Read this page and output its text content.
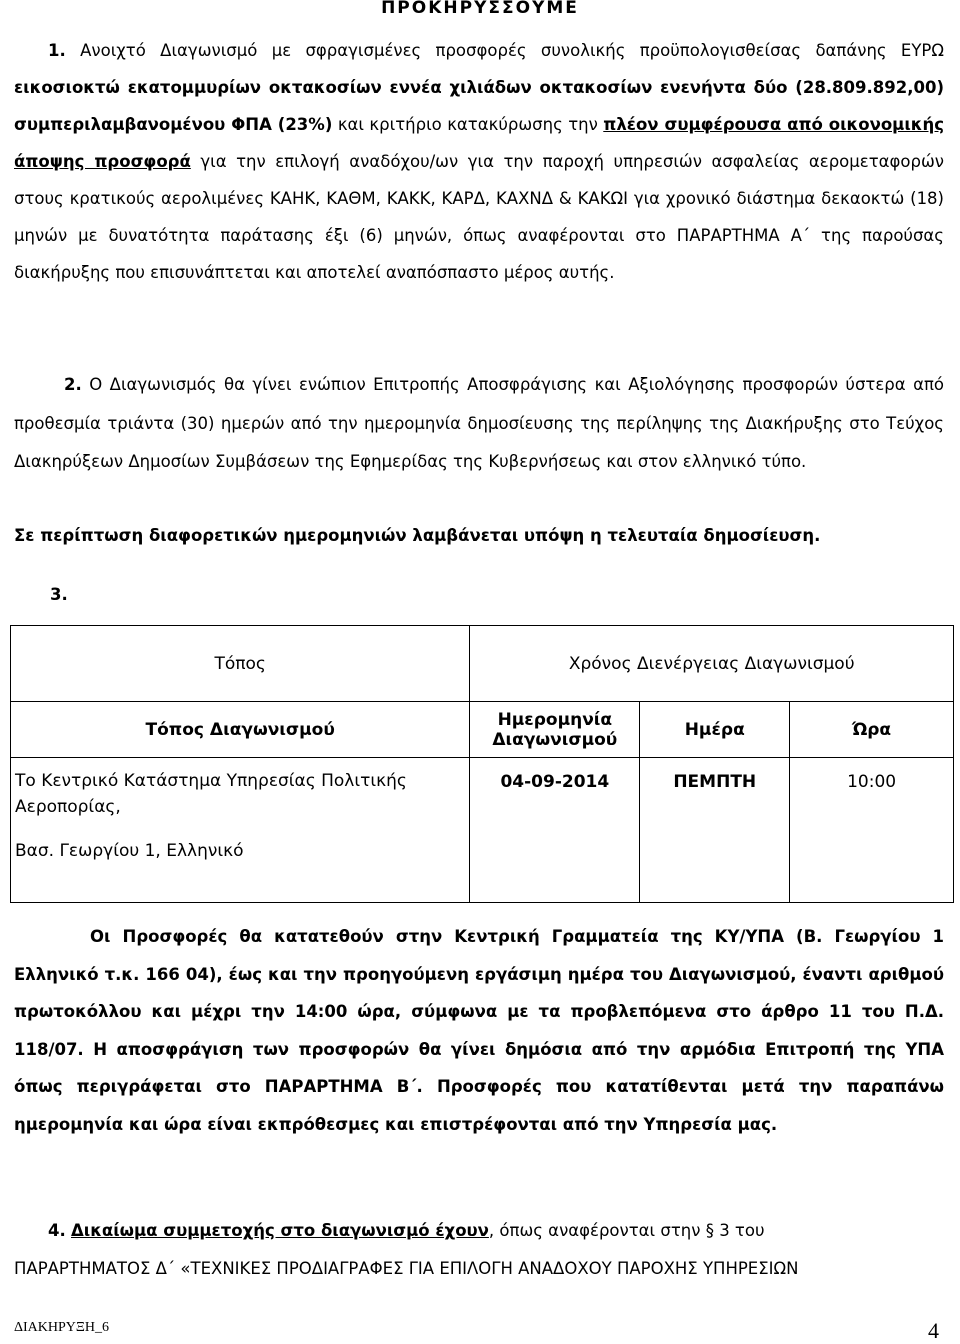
ΠΡΟΚΗΡΥΣΣΟΥΜΕ
1. Ανοιχτό Διαγωνισμό με σφραγισμένες προσφορές συνολικής προϋπολογισθείσας δαπάνης ΕΥΡΩ εικοσιοκτώ εκατομμυρίων οκτακοσίων εννέα χιλιάδων οκτακοσίων ενενήντα δύο (28.809.892,00) συμπεριλαμβανομένου ΦΠΑ (23%) και κριτήριο κατακύρωσης την πλέον συμφέρουσα από οικονομικής άποψης προσφορά για την επιλογή αναδόχου/ων για την παροχή υπηρεσιών ασφαλείας αερομεταφορών στους κρατικούς αερολιμένες ΚΑΗΚ, ΚΑΘΜ, ΚΑΚΚ, ΚΑΡΔ, ΚΑΧΝΔ & ΚΑΚΩΙ για χρονικό διάστημα δεκαοκτώ (18) μηνών με δυνατότητα παράτασης έξι (6) μηνών, όπως αναφέρονται στο ΠΑΡΑΡΤΗΜΑ Α΄ της παρούσας διακήρυξης που επισυνάπτεται και αποτελεί αναπόσπαστο μέρος αυτής.
2. Ο Διαγωνισμός θα γίνει ενώπιον Επιτροπής Αποσφράγισης και Αξιολόγησης προσφορών ύστερα από προθεσμία τριάντα (30) ημερών από την ημερομηνία δημοσίευσης της περίληψης της Διακήρυξης στο Τεύχος Διακηρύξεων Δημοσίων Συμβάσεων της Εφημερίδας της Κυβερνήσεως και στον ελληνικό τύπο.
Σε περίπτωση διαφορετικών ημερομηνιών λαμβάνεται υπόψη η τελευταία δημοσίευση.
3.
Τόπος	Χρόνος Διενέργειας Διαγωνισμού		
Τόπος Διαγωνισμού	Ημερομηνία Διαγωνισμού	Ημέρα	Ώρα

Το Κεντρικό Κατάστημα Υπηρεσίας Πολιτικής Αεροπορίας,
Βασ. Γεωργίου 1, Ελληνικό	04-09-2014	ΠΕΜΠΤΗ	10:00
Οι Προσφορές θα κατατεθούν στην Κεντρική Γραμματεία της ΚΥ/ΥΠΑ (Β. Γεωργίου 1 Ελληνικό τ.κ. 166 04), έως και την προηγούμενη εργάσιμη ημέρα του Διαγωνισμού, έναντι αριθμού πρωτοκόλλου και μέχρι την 14:00 ώρα, σύμφωνα με τα προβλεπόμενα στο άρθρο 11 του Π.Δ. 118/07. Η αποσφράγιση των προσφορών θα γίνει δημόσια από την αρμόδια Επιτροπή της ΥΠΑ όπως περιγράφεται στο ΠΑΡΑΡΤΗΜΑ Β΄. Προσφορές που κατατίθενται μετά την παραπάνω ημερομηνία και ώρα είναι εκπρόθεσμες και επιστρέφονται από την Υπηρεσία μας.
4. Δικαίωμα συμμετοχής στο διαγωνισμό έχουν, όπως αναφέρονται στην § 3 του
ΠΑΡΑΡΤΗΜΑΤΟΣ Δ΄ «ΤΕΧΝΙΚΕΣ ΠΡΟΔΙΑΓΡΑΦΕΣ ΓΙΑ ΕΠΙΛΟΓΗ ΑΝΑΔΟΧΟΥ ΠΑΡΟΧΗΣ ΥΠΗΡΕΣΙΩΝ
ΔΙΑΚΗΡΥΞΗ_6	4
